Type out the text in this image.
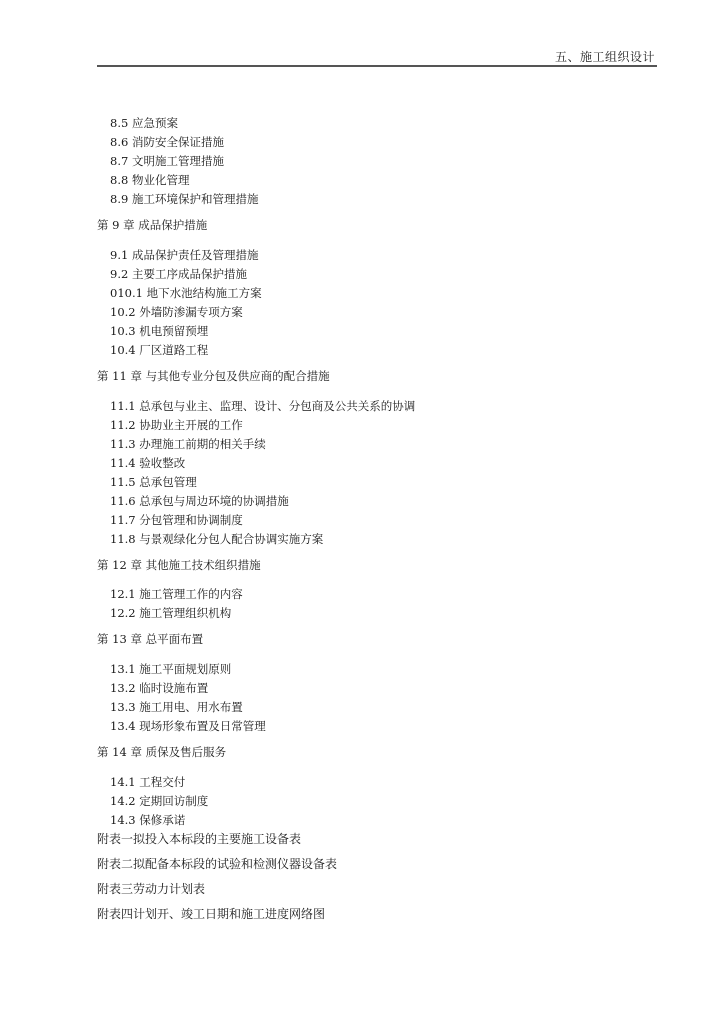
五、施工组织设计
8.5 应急预案
8.6 消防安全保证措施
8.7 文明施工管理措施
8.8 物业化管理
8.9 施工环境保护和管理措施
第 9 章 成品保护措施
9.1 成品保护责任及管理措施
9.2 主要工序成品保护措施
010.1 地下水池结构施工方案
10.2 外墙防渗漏专项方案
10.3 机电预留预埋
10.4 厂区道路工程
第 11 章 与其他专业分包及供应商的配合措施
11.1 总承包与业主、监理、设计、分包商及公共关系的协调
11.2 协助业主开展的工作
11.3 办理施工前期的相关手续
11.4 验收整改
11.5 总承包管理
11.6 总承包与周边环境的协调措施
11.7 分包管理和协调制度
11.8 与景观绿化分包人配合协调实施方案
第 12 章 其他施工技术组织措施
12.1 施工管理工作的内容
12.2 施工管理组织机构
第 13 章 总平面布置
13.1 施工平面规划原则
13.2 临时设施布置
13.3 施工用电、用水布置
13.4 现场形象布置及日常管理
第 14 章 质保及售后服务
14.1 工程交付
14.2 定期回访制度
14.3 保修承诺
附表一拟投入本标段的主要施工设备表
附表二拟配备本标段的试验和检测仪器设备表
附表三劳动力计划表
附表四计划开、竣工日期和施工进度网络图
